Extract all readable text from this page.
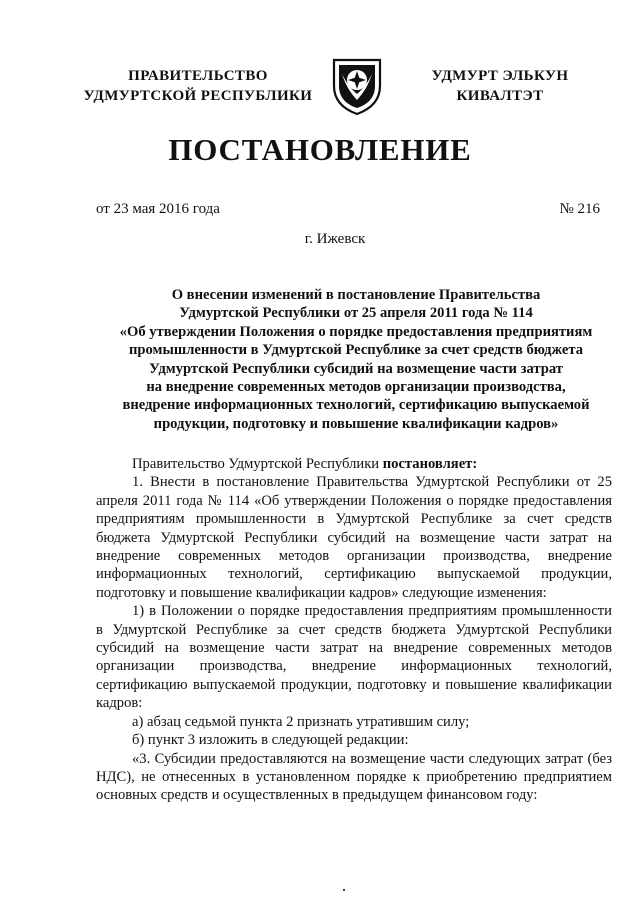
ПРАВИТЕЛЬСТВО
УДМУРТСКОЙ РЕСПУБЛИКИ
УДМУРТ ЭЛЬКУН
КИВАЛТЭТ
ПОСТАНОВЛЕНИЕ
от 23 мая 2016 года	№ 216
г. Ижевск
О внесении изменений в постановление Правительства
Удмуртской Республики от 25 апреля 2011 года № 114
«Об утверждении Положения о порядке предоставления предприятиям
промышленности в Удмуртской Республике за счет средств бюджета
Удмуртской Республики субсидий на возмещение части затрат
на внедрение современных методов организации производства,
внедрение информационных технологий, сертификацию выпускаемой
продукции, подготовку и повышение квалификации кадров»

Правительство Удмуртской Республики постановляет:

1. Внести в постановление Правительства Удмуртской Республики от 25 апреля 2011 года № 114 «Об утверждении Положения о порядке предоставления предприятиям промышленности в Удмуртской Республике за счет средств бюджета Удмуртской Республики субсидий на возмещение части затрат на внедрение современных методов организации производства, внедрение информационных технологий, сертификацию выпускаемой продукции, подготовку и повышение квалификации кадров» следующие изменения:

1) в Положении о порядке предоставления предприятиям промышленности в Удмуртской Республике за счет средств бюджета Удмуртской Республики субсидий на возмещение части затрат на внедрение современных методов организации производства, внедрение информационных технологий, сертификацию выпускаемой продукции, подготовку и повышение квалификации кадров:

а) абзац седьмой пункта 2 признать утратившим силу;

б) пункт 3 изложить в следующей редакции:

«3. Субсидии предоставляются на возмещение части следующих затрат (без НДС), не отнесенных в установленном порядке к приобретению предприятием основных средств и осуществленных в предыдущем финансовом году:
